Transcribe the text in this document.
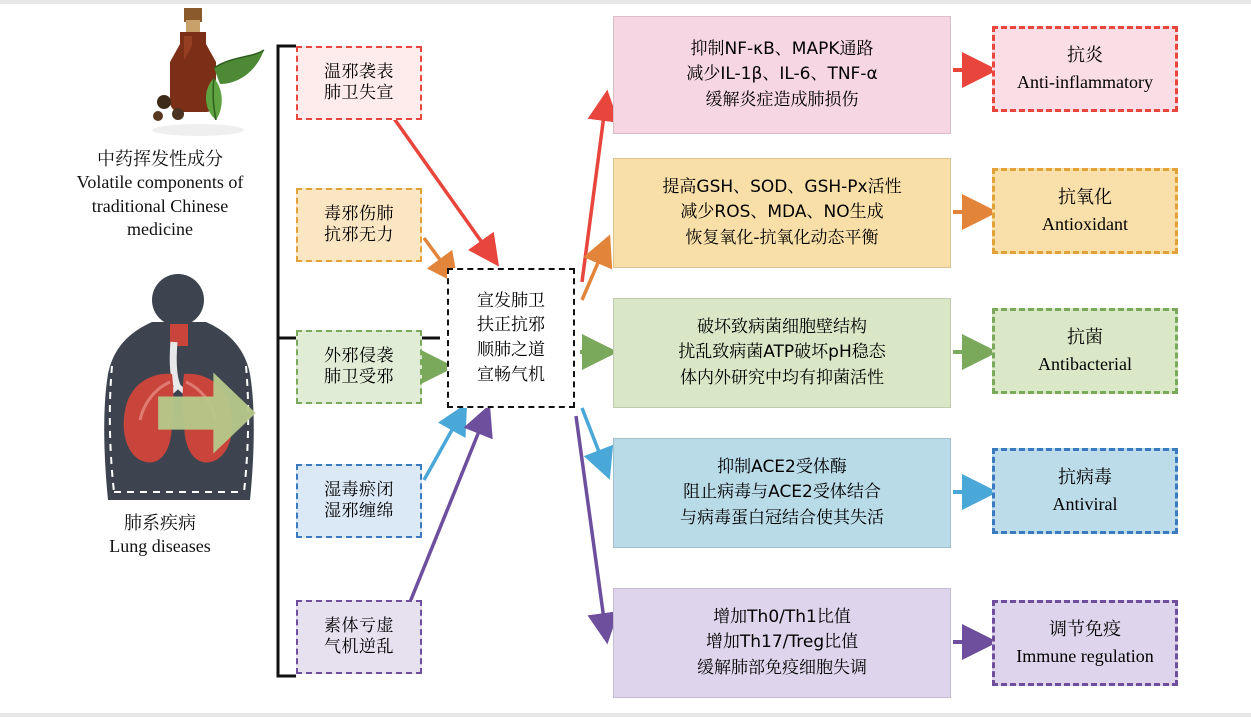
中药挥发性成分
Volatile components of
traditional Chinese
medicine
肺系疾病
Lung diseases
温邪袭表
肺卫失宣
毒邪伤肺
抗邪无力
外邪侵袭
肺卫受邪
湿毒瘀闭
湿邪缠绵
素体亏虚
气机逆乱
宣发肺卫
扶正抗邪
顺肺之道
宣畅气机
抑制NF-κB、MAPK通路
减少IL-1β、IL-6、TNF-α
缓解炎症造成肺损伤
提高GSH、SOD、GSH-Px活性
减少ROS、MDA、NO生成
恢复氧化-抗氧化动态平衡
破坏致病菌细胞壁结构
扰乱致病菌ATP破坏pH稳态
体内外研究中均有抑菌活性
抑制ACE2受体酶
阻止病毒与ACE2受体结合
与病毒蛋白冠结合使其失活
增加Th0/Th1比值
增加Th17/Treg比值
缓解肺部免疫细胞失调
抗炎
Anti-inflammatory
抗氧化
Antioxidant
抗菌
Antibacterial
抗病毒
Antiviral
调节免疫
Immune regulation
